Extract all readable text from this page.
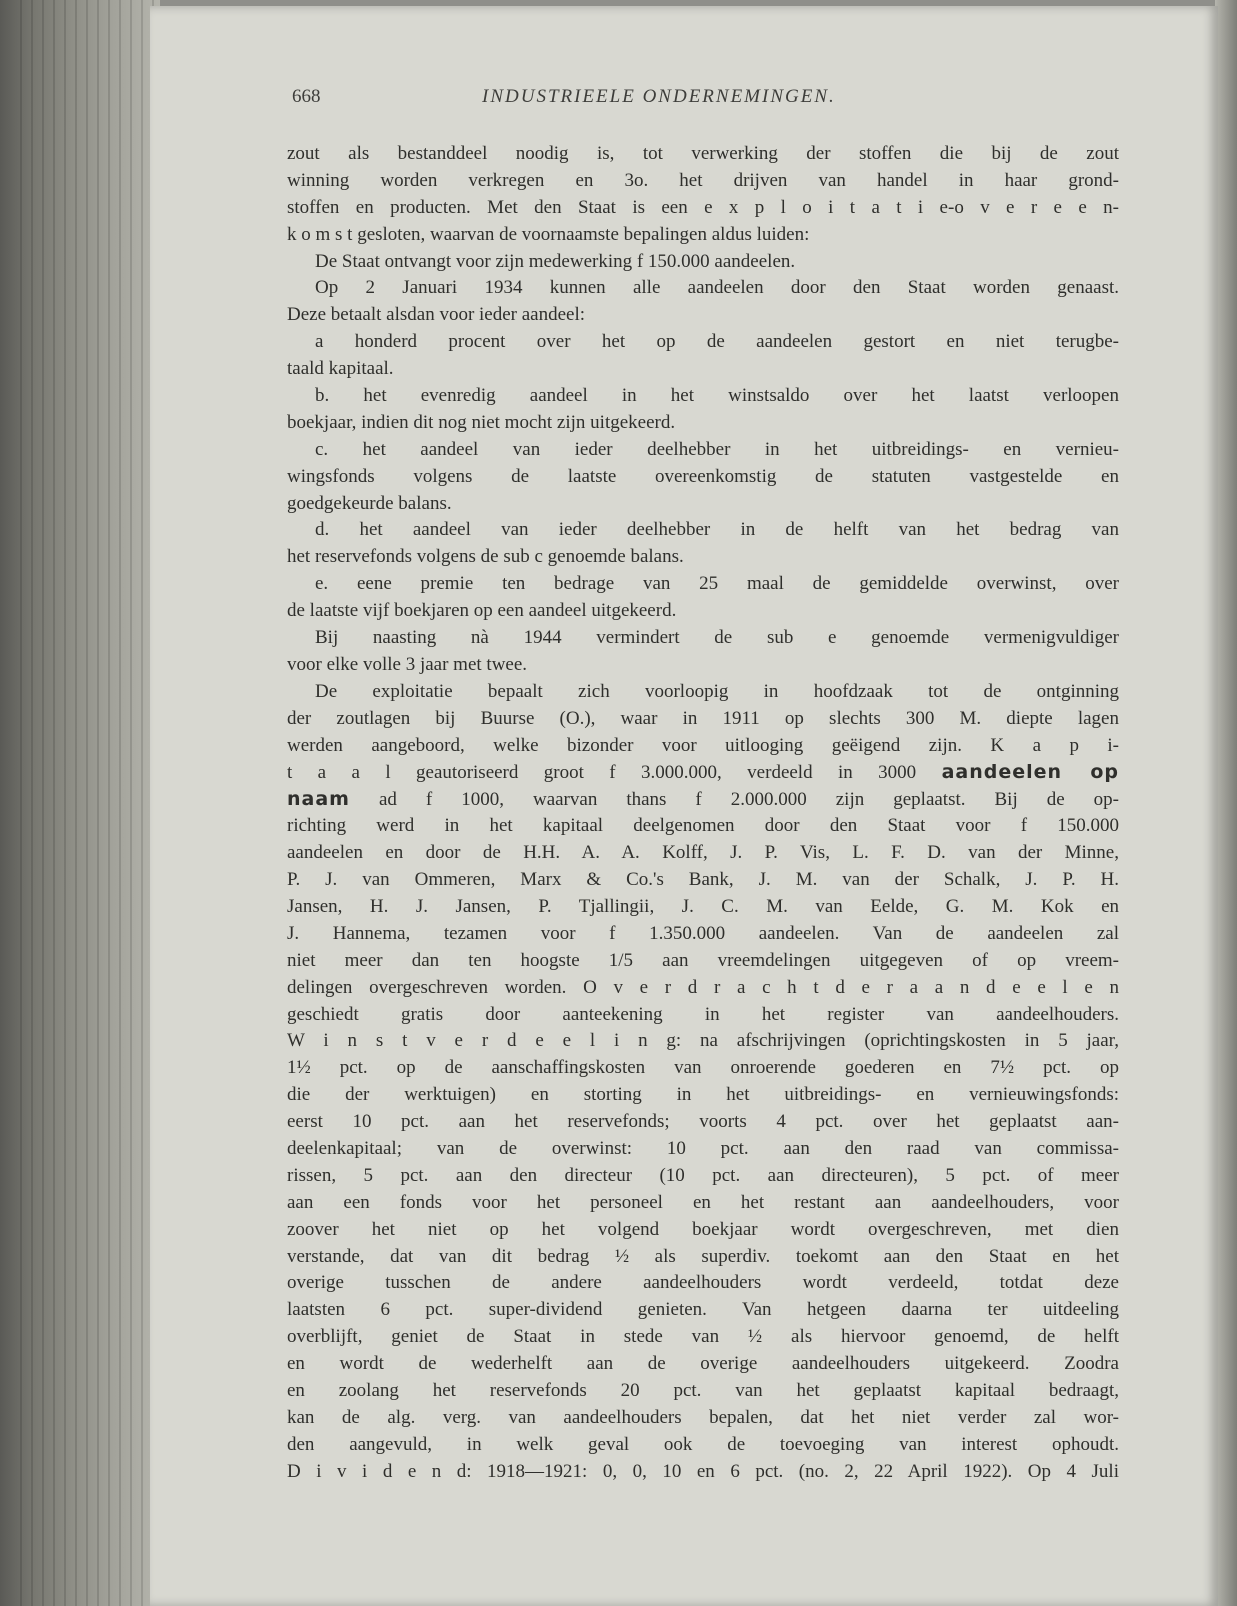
668	INDUSTRIEELE ONDERNEMINGEN.
zout als bestanddeel noodig is, tot verwerking der stoffen die bij de zout
winning worden verkregen en 3o. het drijven van handel in haar grond-
stoffen en producten. Met den Staat is een e x p l o i t a t i e-o v e r e e n-
k o m s t gesloten, waarvan de voornaamste bepalingen aldus luiden:
De Staat ontvangt voor zijn medewerking f 150.000 aandeelen.
Op 2 Januari 1934 kunnen alle aandeelen door den Staat worden genaast.
Deze betaalt alsdan voor ieder aandeel:
a honderd procent over het op de aandeelen gestort en niet terugbe-
taald kapitaal.
b. het evenredig aandeel in het winstsaldo over het laatst verloopen
boekjaar, indien dit nog niet mocht zijn uitgekeerd.
c. het aandeel van ieder deelhebber in het uitbreidings- en vernieu-
wingsfonds volgens de laatste overeenkomstig de statuten vastgestelde en
goedgekeurde balans.
d. het aandeel van ieder deelhebber in de helft van het bedrag van
het reservefonds volgens de sub c genoemde balans.
e. eene premie ten bedrage van 25 maal de gemiddelde overwinst, over
de laatste vijf boekjaren op een aandeel uitgekeerd.
Bij naasting nà 1944 vermindert de sub e genoemde vermenigvuldiger
voor elke volle 3 jaar met twee.
De exploitatie bepaalt zich voorloopig in hoofdzaak tot de ontginning
der zoutlagen bij Buurse (O.), waar in 1911 op slechts 300 M. diepte lagen
werden aangeboord, welke bizonder voor uitlooging geëigend zijn. K a p i-
t a a l geautoriseerd groot f 3.000.000, verdeeld in 3000 aandeelen op
naam ad f 1000, waarvan thans f 2.000.000 zijn geplaatst. Bij de op-
richting werd in het kapitaal deelgenomen door den Staat voor f 150.000
aandeelen en door de H.H. A. A. Kolff, J. P. Vis, L. F. D. van der Minne,
P. J. van Ommeren, Marx & Co.'s Bank, J. M. van der Schalk, J. P. H.
Jansen, H. J. Jansen, P. Tjallingii, J. C. M. van Eelde, G. M. Kok en
J. Hannema, tezamen voor f 1.350.000 aandeelen. Van de aandeelen zal
niet meer dan ten hoogste 1/5 aan vreemdelingen uitgegeven of op vreem-
delingen overgeschreven worden. O v e r d r a c h t d e r a a n d e e l e n
geschiedt gratis door aanteekening in het register van aandeelhouders.
W i n s t v e r d e e l i n g: na afschrijvingen (oprichtingskosten in 5 jaar,
1½ pct. op de aanschaffingskosten van onroerende goederen en 7½ pct. op
die der werktuigen) en storting in het uitbreidings- en vernieuwingsfonds:
eerst 10 pct. aan het reservefonds; voorts 4 pct. over het geplaatst aan-
deelenkapitaal; van de overwinst: 10 pct. aan den raad van commissa-
rissen, 5 pct. aan den directeur (10 pct. aan directeuren), 5 pct. of meer
aan een fonds voor het personeel en het restant aan aandeelhouders, voor
zoover het niet op het volgend boekjaar wordt overgeschreven, met dien
verstande, dat van dit bedrag ½ als superdiv. toekomt aan den Staat en het
overige tusschen de andere aandeelhouders wordt verdeeld, totdat deze
laatsten 6 pct. super-dividend genieten. Van hetgeen daarna ter uitdeeling
overblijft, geniet de Staat in stede van ½ als hiervoor genoemd, de helft
en wordt de wederhelft aan de overige aandeelhouders uitgekeerd. Zoodra
en zoolang het reservefonds 20 pct. van het geplaatst kapitaal bedraagt,
kan de alg. verg. van aandeelhouders bepalen, dat het niet verder zal wor-
den aangevuld, in welk geval ook de toevoeging van interest ophoudt.
D i v i d e n d: 1918—1921: 0, 0, 10 en 6 pct. (no. 2, 22 April 1922). Op 4 Juli
